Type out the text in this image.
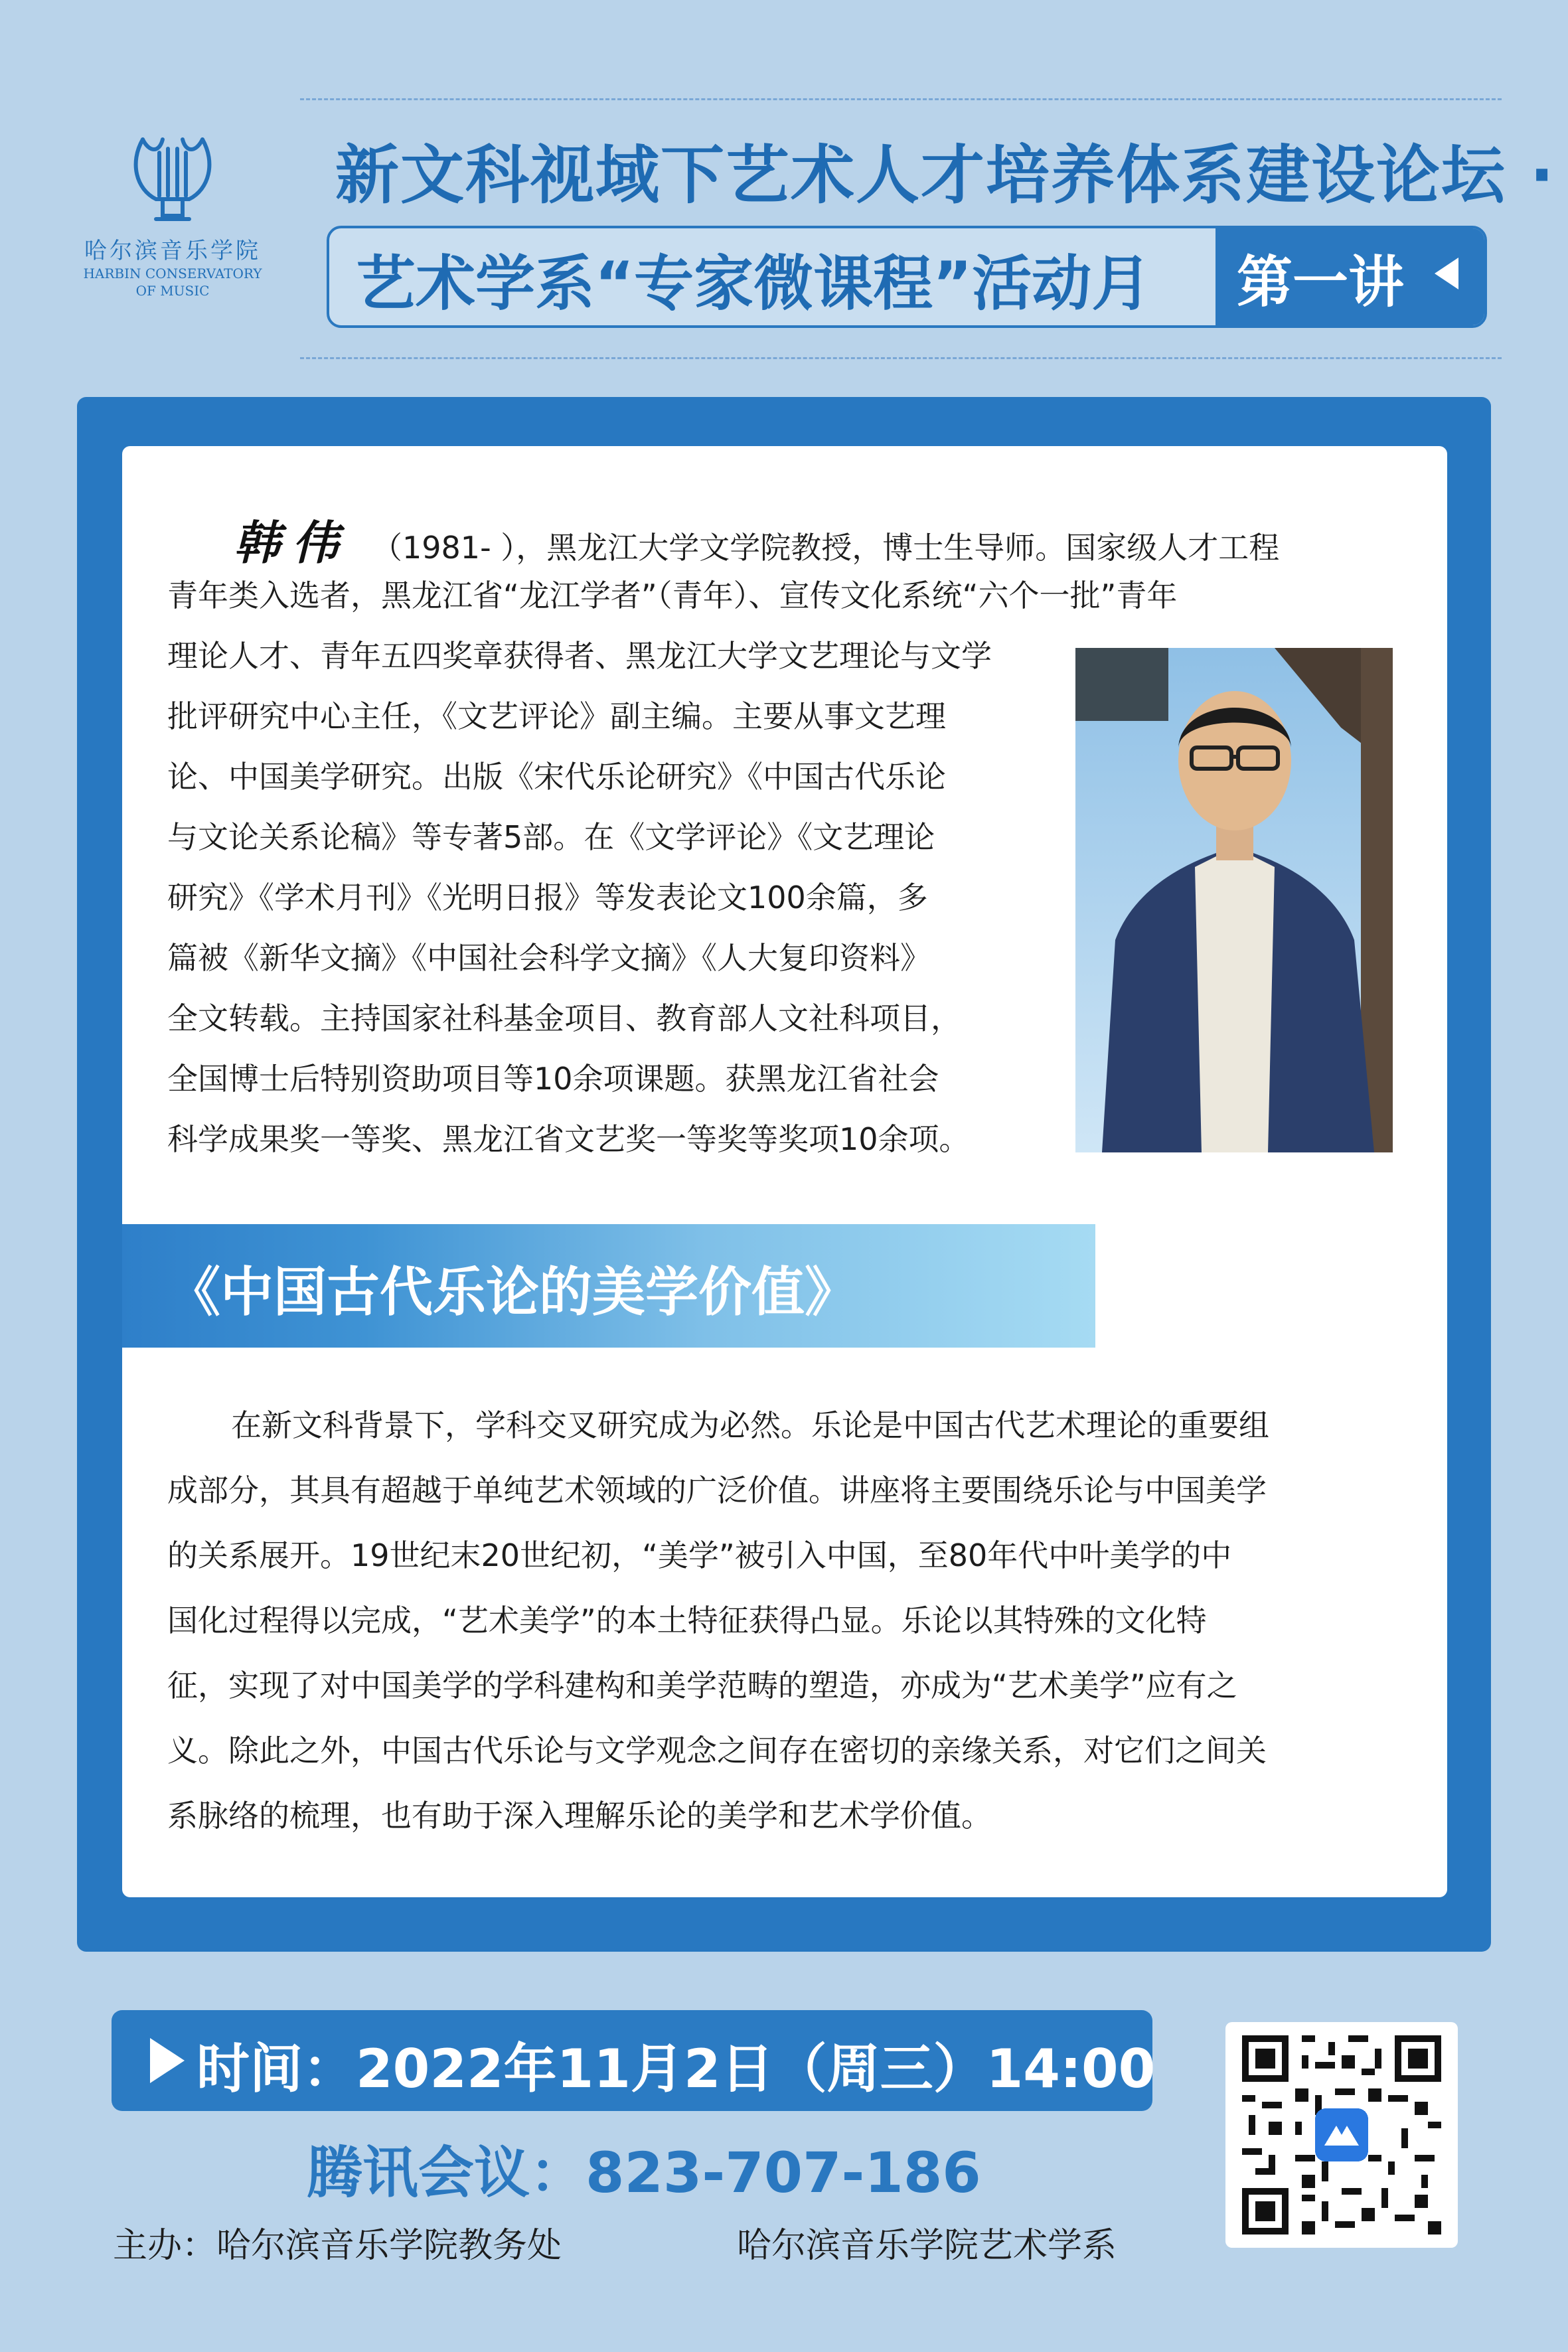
哈尔滨音乐学院
HARBIN CONSERVATORY
OF MUSIC
新文科视域下艺术人才培养体系建设论坛 ·
艺术学系“专家微课程”活动月 第一讲
韩伟 （1981- ），黑龙江大学文学院教授，博士生导师。国家级人才工程
青年类入选者，黑龙江省“龙江学者”（青年）、宣传文化系统“六个一批”青年
理论人才、青年五四奖章获得者、黑龙江大学文艺理论与文学
批评研究中心主任，《文艺评论》副主编。主要从事文艺理
论、中国美学研究。出版《宋代乐论研究》《中国古代乐论
与文论关系论稿》等专著5部。在《文学评论》《文艺理论
研究》《学术月刊》《光明日报》等发表论文100余篇，多
篇被《新华文摘》《中国社会科学文摘》《人大复印资料》
全文转载。主持国家社科基金项目、教育部人文社科项目，
全国博士后特别资助项目等10余项课题。获黑龙江省社会
科学成果奖一等奖、黑龙江省文艺奖一等奖等奖项10余项。
《中国古代乐论的美学价值》
在新文科背景下，学科交叉研究成为必然。乐论是中国古代艺术理论的重要组
成部分，其具有超越于单纯艺术领域的广泛价值。讲座将主要围绕乐论与中国美学
的关系展开。19世纪末20世纪初，“美学”被引入中国，至80年代中叶美学的中
国化过程得以完成，“艺术美学”的本土特征获得凸显。乐论以其特殊的文化特
征，实现了对中国美学的学科建构和美学范畴的塑造，亦成为“艺术美学”应有之
义。除此之外，中国古代乐论与文学观念之间存在密切的亲缘关系，对它们之间关
系脉络的梳理，也有助于深入理解乐论的美学和艺术学价值。
时间：2022年11月2日（周三）14:00
腾讯会议：823-707-186
主办：哈尔滨音乐学院教务处	哈尔滨音乐学院艺术学系
